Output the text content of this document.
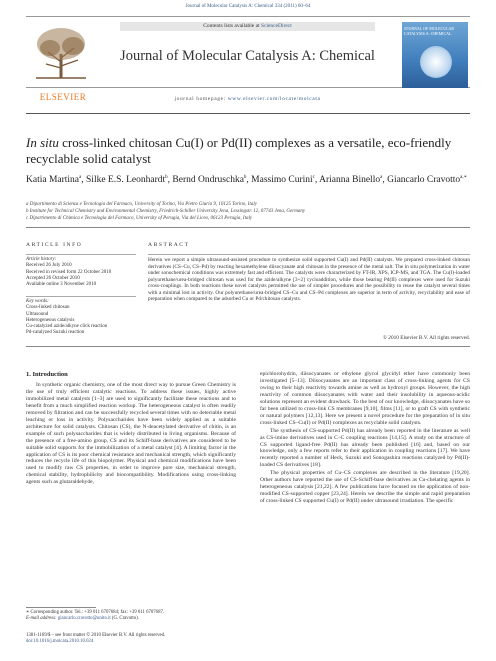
Journal of Molecular Catalysis A: Chemical 334 (2011) 60–64
Contents lists available at ScienceDirect
ELSEVIER
Journal of Molecular Catalysis A: Chemical
journal homepage: www.elsevier.com/locate/molcata
JOURNAL OF MOLECULAR CATALYSIS A: CHEMICAL
In situ cross-linked chitosan Cu(I) or Pd(II) complexes as a versatile, eco-friendly recyclable solid catalyst
Katia Martina$^a$, Silke E.S. Leonhardt$^b$, Bernd Ondruschka$^b$, Massimo Curini$^c$, Arianna Binello$^a$, Giancarlo Cravotto$^{a,∗}$
a Dipartimento di Scienza e Tecnologia del Farmaco, University of Torino, Via Pietro Giuria 9, 10125 Torino, Italy
b Institute for Technical Chemistry and Environmental Chemistry, Friedrich-Schiller University Jena, Lessingstr. 12, 07743 Jena, Germany
c Dipartimento di Chimica e Tecnologia del Farmaco, University of Perugia, Via del Liceo, 06123 Perugia, Italy
ARTICLE INFO
Article history:
Received 26 July 2010
Received in revised form 22 October 2010
Accepted 26 October 2010
Available online 3 November 2010
Key words:
Cross-linked chitosan
Ultrasound
Heterogeneous catalysis
Cu-catalyzed azide/alkyne click reaction
Pd-catalyzed Suzuki reaction
ABSTRACT
Herein we report a simple ultrasound-assisted procedure to synthesize solid supported Cu(I) and Pd(II) catalysts. We prepared cross-linked chitosan derivatives (CS–Cu, CS–Pd) by reacting hexamethylene diisocyanate and chitosan in the presence of the metal salt. The in situ polymerization in water under sonochemical conditions was extremely fast and efficient. The catalysts were characterized by FT-IR, XPS, ICP-MS, and TGA. The Cu(I)-loaded polyurethane/urea-bridged chitosan was used for the azide/alkyne [3+2] cycloaddition, while those bearing Pd(II) complexes were used for Suzuki cross-couplings. In both reactions these novel catalysts permitted the use of simpler procedures and the possibility to reuse the catalyst several times with a minimal lost in activity. Our polyurethane/urea-bridged CS–Cu and CS–Pd complexes are superior in term of activity, recyclability and ease of preparation when compared to the adsorbed Cu or Pd/chitosan catalysts.
© 2010 Elsevier B.V. All rights reserved.
1. Introduction

In synthetic organic chemistry, one of the most direct way to pursue Green Chemistry is the use of truly efficient catalytic reactions. To address these issues, highly active immobilized metal catalysts [1–3] are used to significantly facilitate these reactions and to benefit from a much simplified reaction workup. The heterogeneous catalyst is often readily removed by filtration and can be successfully recycled several times with no detectable metal leaching or loss in activity. Polysaccharides have been widely applied as a suitable architecture for solid catalysts. Chitosan (CS), the N-deacetylated derivative of chitin, is an example of such polysaccharides that is widely distributed in living organisms. Because of the presence of a free-amino group, CS and its Schiff-base derivatives are considered to be suitable solid supports for the immobilization of a metal catalyst [4]. A limiting factor in the application of CS is its poor chemical resistance and mechanical strength, which significantly reduces the recycle life of this biopolymer. Physical and chemical modifications have been used to modify raw CS properties, in order to improve pore size, mechanical strength, chemical stability, hydrophilicity and biocompatibility. Modifications using cross-linking agents such as glutaraldehyde,

epichlorohydrin, diisocyanates or ethylene glycol glycidyl ether have commonly been investigated [5–13]. Diisocyanates are an important class of cross-linking agents for CS owing to their high reactivity towards amine as well as hydroxyl groups. However, the high reactivity of common diisocyanates with water and their insolubility in aqueous-acidic solutions represent an evident drawback. To the best of our knowledge, diisocyanates have so far been utilized to cross-link CS membranes [9,10], films [11], or to graft CS with synthetic or natural polymers [12,13]. Here we present a novel procedure for the preparation of in situ cross-linked CS–Cu(I) or Pd(II) complexes as recyclable solid catalysts.

The synthesis of CS-supported Pd(II) has already been reported in the literature as well as CS-imine derivatives used in C–C coupling reactions [14,15]. A study on the structure of CS supported ligand-free Pd(II) has already been published [16] and, based on our knowledge, only a few reports refer to their application in coupling reactions [17]. We have recently reported a number of Heck, Suzuki and Sonogashira reactions catalyzed by Pd(II)-loaded CS derivatives [18].

The physical properties of Cu–CS complexes are described in the literature [19,20]. Other authors have reported the use of CS-Schiff-base derivatives as Cu-chelating agents in heterogeneous catalysis [21,22]. A few publications have focused on the application of non-modified CS-supported copper [23,24]. Herein we describe the simple and rapid preparation of cross-linked CS supported Cu(I) or Pd(II) under ultrasound irradiation. The specific

∗ Corresponding author. Tel.: +39 011 6707684; fax: +39 011 6707687.
E-mail address: giancarlo.cravotto@unito.it (G. Cravotto).
1381-1169/$ – see front matter © 2010 Elsevier B.V. All rights reserved.
doi:10.1016/j.molcata.2010.10.024
